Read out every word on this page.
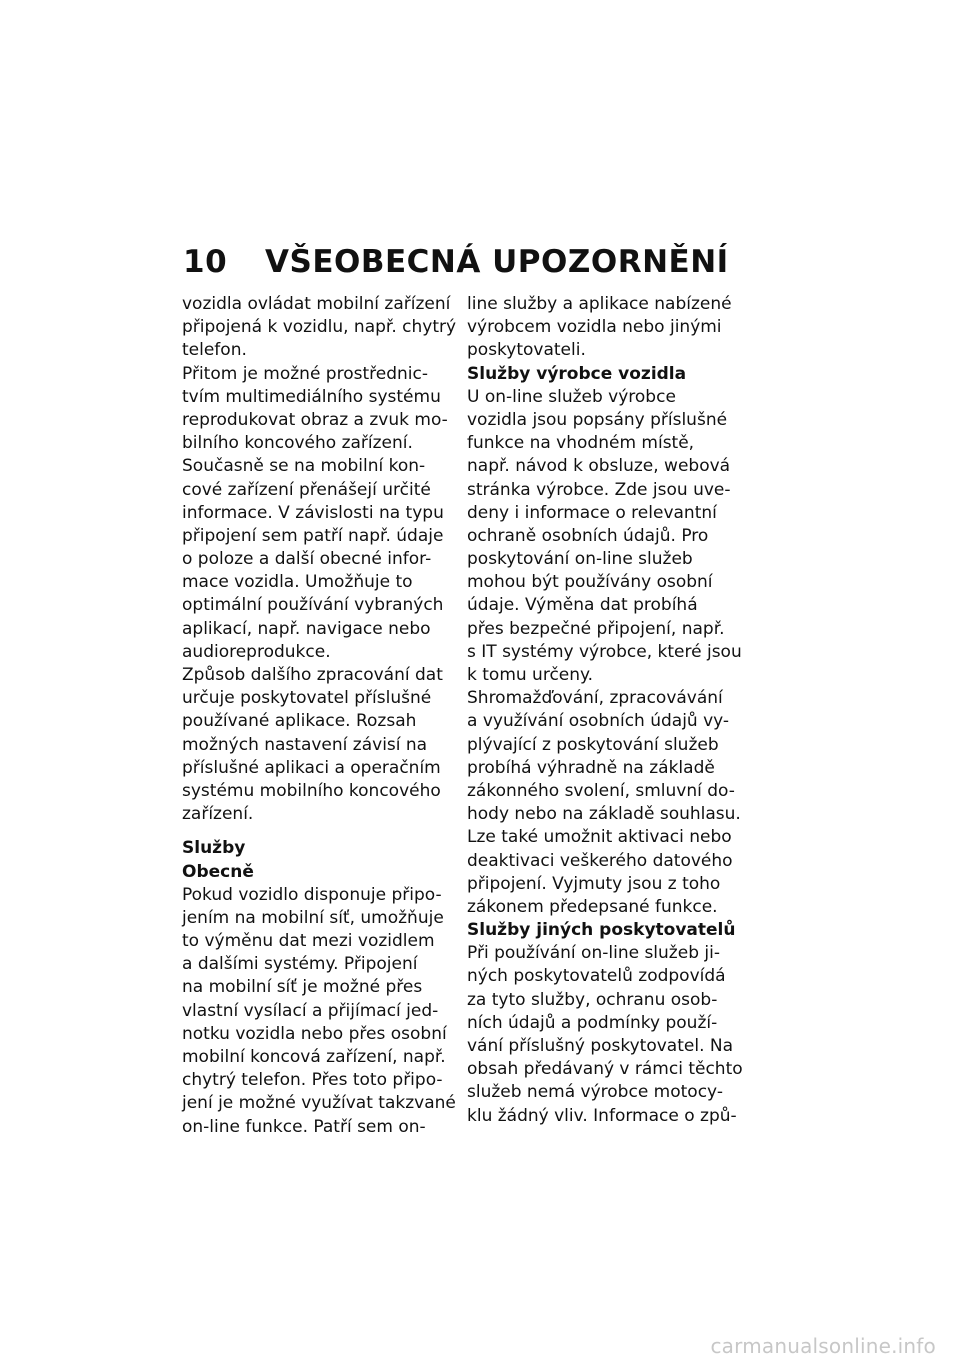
10	VŠEOBECNÁ UPOZORNĚNÍ
vozidla ovládat mobilní zařízení
připojená k vozidlu, např. chytrý
telefon.
Přitom je možné prostřednic-
tvím multimediálního systému
reprodukovat obraz a zvuk mo-
bilního koncového zařízení.
Současně se na mobilní kon-
cové zařízení přenášejí určité
informace. V závislosti na typu
připojení sem patří např. údaje
o poloze a další obecné infor-
mace vozidla. Umožňuje to
optimální používání vybraných
aplikací, např. navigace nebo
audioreprodukce.
Způsob dalšího zpracování dat
určuje poskytovatel příslušné
používané aplikace. Rozsah
možných nastavení závisí na
příslušné aplikaci a operačním
systému mobilního koncového
zařízení.
Služby
Obecně
Pokud vozidlo disponuje připo-
jením na mobilní síť, umožňuje
to výměnu dat mezi vozidlem
a dalšími systémy. Připojení
na mobilní síť je možné přes
vlastní vysílací a přijímací jed-
notku vozidla nebo přes osobní
mobilní koncová zařízení, např.
chytrý telefon. Přes toto připo-
jení je možné využívat takzvané
on-line funkce. Patří sem on-
line služby a aplikace nabízené
výrobcem vozidla nebo jinými
poskytovateli.
Služby výrobce vozidla
U on-line služeb výrobce
vozidla jsou popsány příslušné
funkce na vhodném místě,
např. návod k obsluze, webová
stránka výrobce. Zde jsou uve-
deny i informace o relevantní
ochraně osobních údajů. Pro
poskytování on-line služeb
mohou být používány osobní
údaje. Výměna dat probíhá
přes bezpečné připojení, např.
s IT systémy výrobce, které jsou
k tomu určeny.
Shromažďování, zpracovávání
a využívání osobních údajů vy-
plývající z poskytování služeb
probíhá výhradně na základě
zákonného svolení, smluvní do-
hody nebo na základě souhlasu.
Lze také umožnit aktivaci nebo
deaktivaci veškerého datového
připojení. Vyjmuty jsou z toho
zákonem předepsané funkce.
Služby jiných poskytovatelů
Při používání on-line služeb ji-
ných poskytovatelů zodpovídá
za tyto služby, ochranu osob-
ních údajů a podmínky použí-
vání příslušný poskytovatel. Na
obsah předávaný v rámci těchto
služeb nemá výrobce motocy-
klu žádný vliv. Informace o způ-
carmanualsonline.info
